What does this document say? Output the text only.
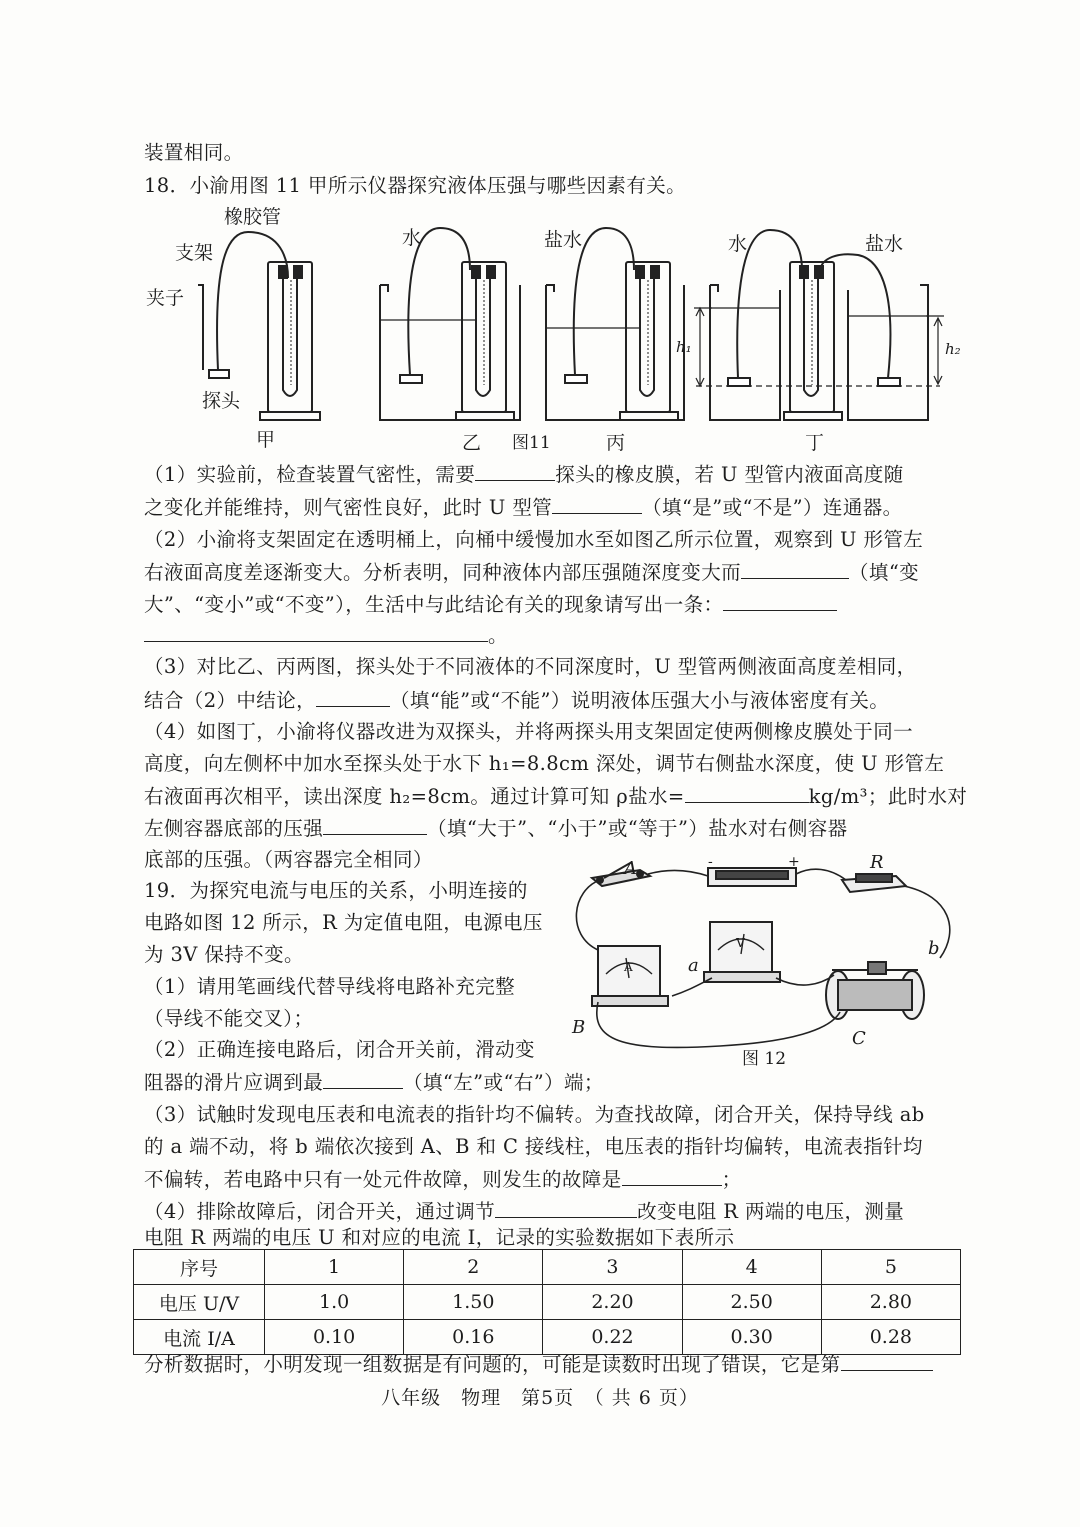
装置相同。
18．小渝用图 11 甲所示仪器探究液体压强与哪些因素有关。
橡胶管
支架
夹子
探头
水	盐水	水	盐水
h₁	h₂
甲	乙 图11	丙	丁
（1）实验前，检查装置气密性，需要	探头的橡皮膜，若 U 型管内液面高度随
之变化并能维持，则气密性良好，此时 U 型管	（填“是”或“不是”）连通器。
（2）小渝将支架固定在透明桶上，向桶中缓慢加水至如图乙所示位置，观察到 U 形管左
右液面高度差逐渐变大。分析表明，同种液体内部压强随深度变大而	（填“变
大”、“变小”或“不变”），生活中与此结论有关的现象请写出一条：
。
（3）对比乙、丙两图，探头处于不同液体的不同深度时，U 型管两侧液面高度差相同，
结合（2）中结论，	（填“能”或“不能”）说明液体压强大小与液体密度有关。
（4）如图丁，小渝将仪器改进为双探头，并将两探头用支架固定使两侧橡皮膜处于同一
高度，向左侧杯中加水至探头处于水下 h₁=8.8cm 深处，调节右侧盐水深度，使 U 形管左
右液面再次相平，读出深度 h₂=8cm。通过计算可知 ρ盐水=	kg/m³；此时水对
左侧容器底部的压强	（填“大于”、“小于”或“等于”）盐水对右侧容器
底部的压强。（两容器完全相同）
19．为探究电流与电压的关系，小明连接的
电路如图 12 所示，R 为定值电阻，电源电压
为 3V 保持不变。
（1）请用笔画线代替导线将电路补充完整
（导线不能交叉）；
（2）正确连接电路后，闭合开关前，滑动变
阻器的滑片应调到最	（填“左”或“右”）端；
A	R
-	+
A
V
a
b
B
C
图 12
（3）试触时发现电压表和电流表的指针均不偏转。为查找故障，闭合开关，保持导线 ab
的 a 端不动，将 b 端依次接到 A、B 和 C 接线柱，电压表的指针均偏转，电流表指针均
不偏转，若电路中只有一处元件故障，则发生的故障是	；
（4）排除故障后，闭合开关，通过调节	改变电阻 R 两端的电压，测量
电阻 R 两端的电压 U 和对应的电流 I，记录的实验数据如下表所示
序号	1	2	3	4	5
电压 U/V	1.0	1.50	2.20	2.50	2.80
电流 I/A	0.10	0.16	0.22	0.30	0.28
分析数据时，小明发现一组数据是有问题的，可能是读数时出现了错误，它是第
八年级　物理　第5页　（ 共 6 页）
